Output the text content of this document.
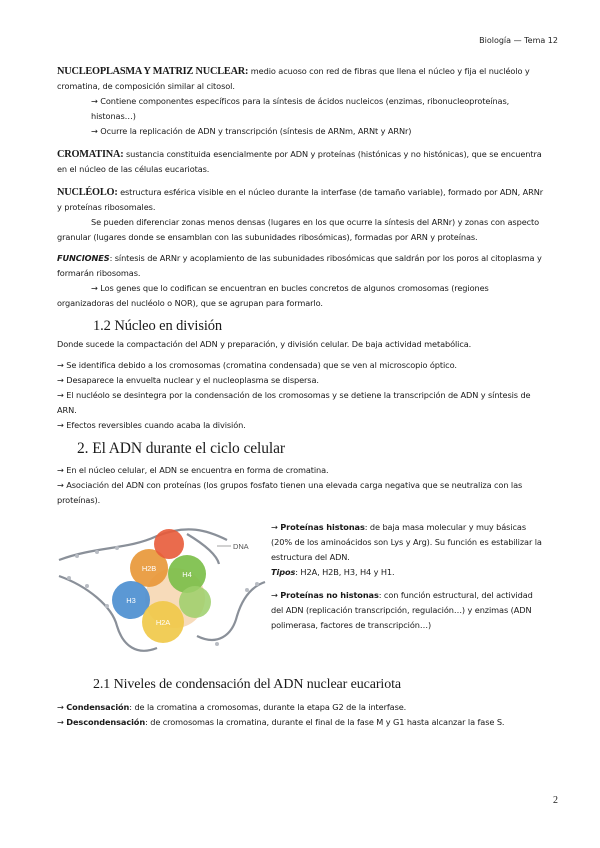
Biología — Tema 12

NUCLEOPLASMA Y MATRIZ NUCLEAR: medio acuoso con red de fibras que llena el núcleo y fija el nucléolo y cromatina, de composición similar al citosol.

→ Contiene componentes específicos para la síntesis de ácidos nucleicos (enzimas, ribonucleoproteínas, histonas…)

→ Ocurre la replicación de ADN y transcripción (síntesis de ARNm, ARNt y ARNr)

CROMATINA: sustancia constituida esencialmente por ADN y proteínas (histónicas y no histónicas), que se encuentra en el núcleo de las células eucariotas.

NUCLÉOLO: estructura esférica visible en el núcleo durante la interfase (de tamaño variable), formado por ADN, ARNr y proteínas ribosomales.

Se pueden diferenciar zonas menos densas (lugares en los que ocurre la síntesis del ARNr) y zonas con aspecto granular (lugares donde se ensamblan con las subunidades ribosómicas), formadas por ARN y proteínas.

FUNCIONES: síntesis de ARNr y acoplamiento de las subunidades ribosómicas que saldrán por los poros al citoplasma y formarán ribosomas.

→ Los genes que lo codifican se encuentran en bucles concretos de algunos cromosomas (regiones organizadoras del nucléolo o NOR), que se agrupan para formarlo.

1.2 Núcleo en división

Donde sucede la compactación del ADN y preparación, y división celular. De baja actividad metabólica.

→ Se identifica debido a los cromosomas (cromatina condensada) que se ven al microscopio óptico.

→ Desaparece la envuelta nuclear y el nucleoplasma se dispersa.

→ El nucléolo se desintegra por la condensación de los cromosomas y se detiene la transcripción de ADN y síntesis de ARN.

→ Efectos reversibles cuando acaba la división.

2. El ADN durante el ciclo celular

→ En el núcleo celular, el ADN se encuentra en forma de cromatina.

→ Asociación del ADN con proteínas (los grupos fosfato tienen una elevada carga negativa que se neutraliza con las proteínas).

H2B
H4
H3
H2A
DNA

→ Proteínas histonas: de baja masa molecular y muy básicas (20% de los aminoácidos son Lys y Arg). Su función es estabilizar la estructura del ADN.

Tipos: H2A, H2B, H3, H4 y H1.

→ Proteínas no histonas: con función estructural, del actividad del ADN (replicación transcripción, regulación…) y enzimas (ADN polimerasa, factores de transcripción…)

2.1 Niveles de condensación del ADN nuclear eucariota

→ Condensación: de la cromatina a cromosomas, durante la etapa G2 de la interfase.

→ Descondensación: de cromosomas la cromatina, durante el final de la fase M y G1 hasta alcanzar la fase S.

2
